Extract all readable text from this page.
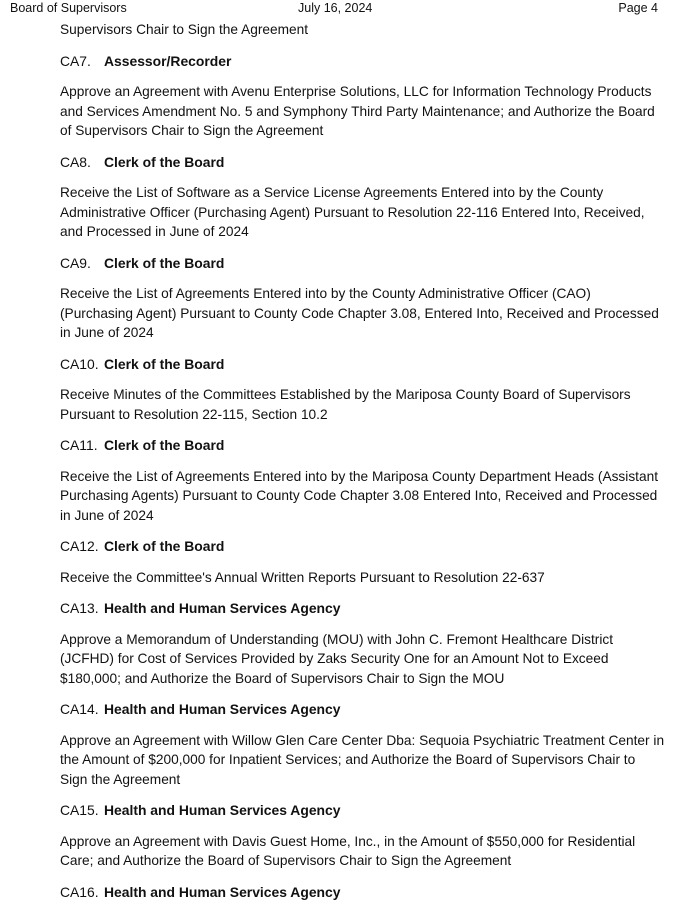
Board of Supervisors	July 16, 2024	Page 4
Supervisors Chair to Sign the Agreement
CA7. Assessor/Recorder
Approve an Agreement with Avenu Enterprise Solutions, LLC for Information Technology Products and Services Amendment No. 5 and Symphony Third Party Maintenance; and Authorize the Board of Supervisors Chair to Sign the Agreement
CA8. Clerk of the Board
Receive the List of Software as a Service License Agreements Entered into by the County Administrative Officer (Purchasing Agent) Pursuant to Resolution 22-116 Entered Into, Received, and Processed in June of 2024
CA9. Clerk of the Board
Receive the List of Agreements Entered into by the County Administrative Officer (CAO) (Purchasing Agent) Pursuant to County Code Chapter 3.08, Entered Into, Received and Processed in June of 2024
CA10. Clerk of the Board
Receive Minutes of the Committees Established by the Mariposa County Board of Supervisors Pursuant to Resolution 22-115, Section 10.2
CA11. Clerk of the Board
Receive the List of Agreements Entered into by the Mariposa County Department Heads (Assistant Purchasing Agents) Pursuant to County Code Chapter 3.08 Entered Into, Received and Processed in June of 2024
CA12. Clerk of the Board
Receive the Committee's Annual Written Reports Pursuant to Resolution 22-637
CA13. Health and Human Services Agency
Approve a Memorandum of Understanding (MOU) with John C. Fremont Healthcare District (JCFHD) for Cost of Services Provided by Zaks Security One for an Amount Not to Exceed $180,000; and Authorize the Board of Supervisors Chair to Sign the MOU
CA14. Health and Human Services Agency
Approve an Agreement with Willow Glen Care Center Dba: Sequoia Psychiatric Treatment Center in the Amount of $200,000 for Inpatient Services; and Authorize the Board of Supervisors Chair to Sign the Agreement
CA15. Health and Human Services Agency
Approve an Agreement with Davis Guest Home, Inc., in the Amount of $550,000 for Residential Care; and Authorize the Board of Supervisors Chair to Sign the Agreement
CA16. Health and Human Services Agency
